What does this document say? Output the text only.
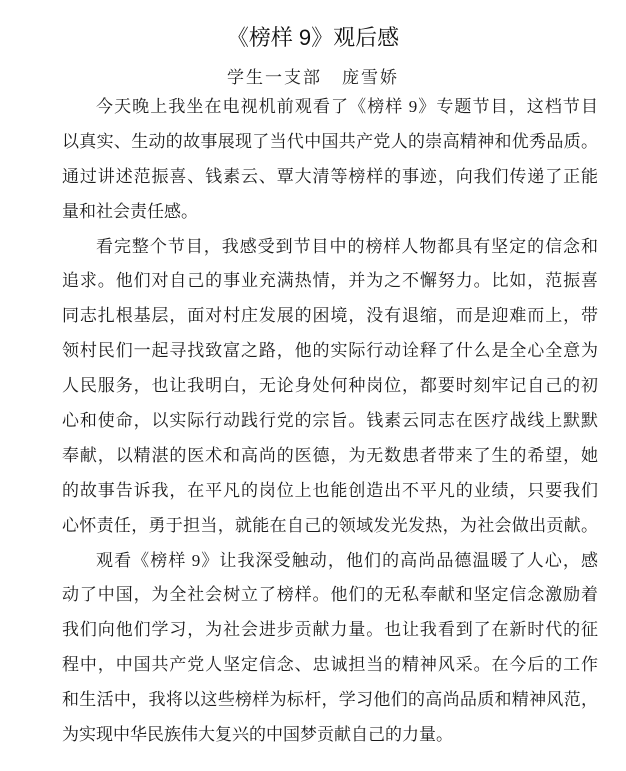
《榜样 9》观后感
学生一支部 庞雪娇
今天晚上我坐在电视机前观看了《榜样 9》专题节目，这档节目
以真实、生动的故事展现了当代中国共产党人的崇高精神和优秀品质。
通过讲述范振喜、钱素云、覃大清等榜样的事迹，向我们传递了正能
量和社会责任感。
看完整个节目，我感受到节目中的榜样人物都具有坚定的信念和
追求。他们对自己的事业充满热情，并为之不懈努力。比如，范振喜
同志扎根基层，面对村庄发展的困境，没有退缩，而是迎难而上，带
领村民们一起寻找致富之路，他的实际行动诠释了什么是全心全意为
人民服务，也让我明白，无论身处何种岗位，都要时刻牢记自己的初
心和使命，以实际行动践行党的宗旨。钱素云同志在医疗战线上默默
奉献，以精湛的医术和高尚的医德，为无数患者带来了生的希望，她
的故事告诉我，在平凡的岗位上也能创造出不平凡的业绩，只要我们
心怀责任，勇于担当，就能在自己的领域发光发热，为社会做出贡献。
观看《榜样 9》让我深受触动，他们的高尚品德温暖了人心，感
动了中国，为全社会树立了榜样。他们的无私奉献和坚定信念激励着
我们向他们学习，为社会进步贡献力量。也让我看到了在新时代的征
程中，中国共产党人坚定信念、忠诚担当的精神风采。在今后的工作
和生活中，我将以这些榜样为标杆，学习他们的高尚品质和精神风范，
为实现中华民族伟大复兴的中国梦贡献自己的力量。
